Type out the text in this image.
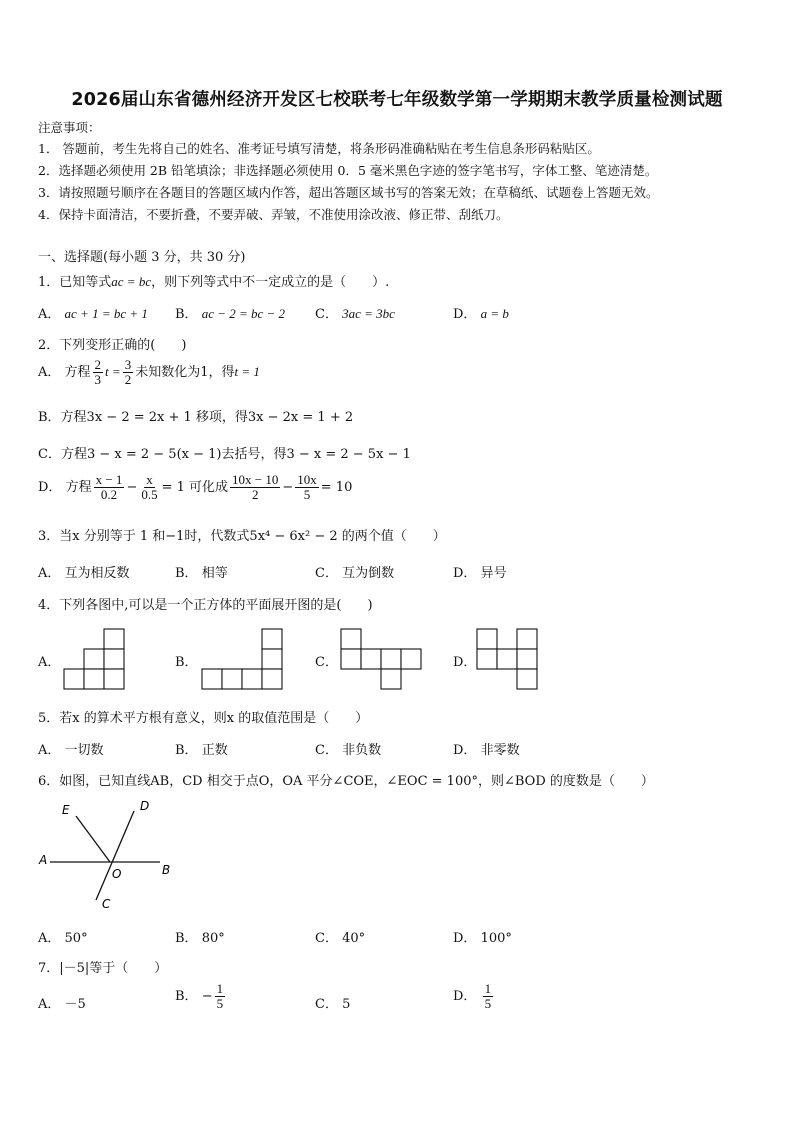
2026届山东省德州经济开发区七校联考七年级数学第一学期期末教学质量检测试题
注意事项：
1． 答题前，考生先将自己的姓名、准考证号填写清楚，将条形码准确粘贴在考生信息条形码粘贴区。
2．选择题必须使用 2B 铅笔填涂；非选择题必须使用 0．5 毫米黑色字迹的签字笔书写，字体工整、笔迹清楚。
3．请按照题号顺序在各题目的答题区域内作答，超出答题区域书写的答案无效；在草稿纸、试题卷上答题无效。
4．保持卡面清洁，不要折叠，不要弄破、弄皱，不准使用涂改液、修正带、刮纸刀。
一、选择题(每小题 3 分，共 30 分)
1．已知等式ac = bc，则下列等式中不一定成立的是（　　）.
A． ac + 1 = bc + 1 B． ac − 2 = bc − 2 C． 3ac = 3bc	D． a = b
2．下列变形正确的(　　)
A． 方程 $\frac{2}{3}$ $t = \frac{3}{2}$ 未知数化为1，得t = 1
B．方程3x − 2 = 2x + 1 移项，得3x − 2x = 1 + 2
C．方程3 − x = 2 − 5(x − 1)去括号，得3 − x = 2 − 5x − 1
D． 方程 $\frac{x - 1}{0.2} - \frac{x}{0.5} = 1$ 可化成 $\frac{10x - 10}{2} - \frac{10x}{5} = 10$
3．当x 分别等于 1 和−1时，代数式5x⁴ − 6x² − 2 的两个值（　　）
A． 互为相反数	B． 相等	C． 互为倒数	D． 异号
4．下列各图中,可以是一个正方体的平面展开图的是(　　)
A．	B．	C．	D．
5．若x 的算术平方根有意义，则x 的取值范围是（　　）
A． 一切数	B． 正数	C． 非负数	D． 非零数
6．如图，已知直线AB，CD 相交于点O，OA 平分∠COE，∠EOC = 100°，则∠BOD 的度数是（　　）
E	D
A
O	B
C
A． 50°	B． 80°	C． 40°	D． 100°
7．|－5|等于（　　）
A． －5
B． − $\frac{1}{5}$	C． 5
D． $\frac{1}{5}$
